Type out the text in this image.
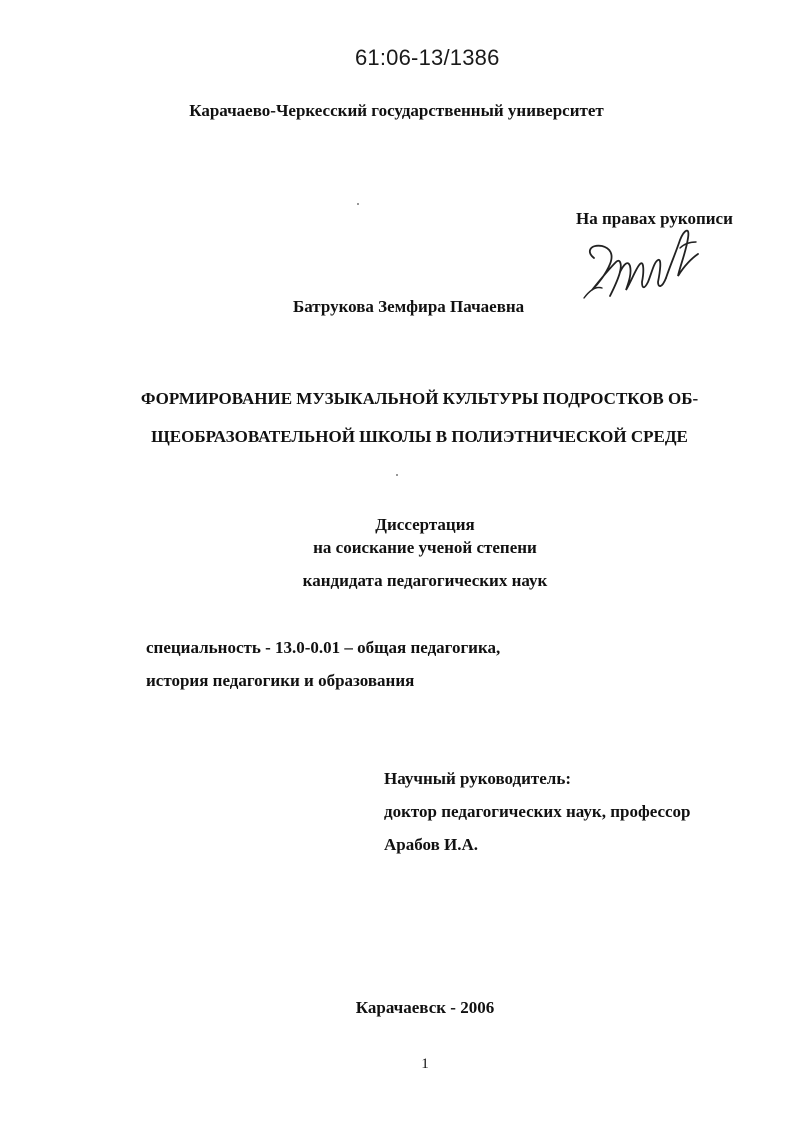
61:06-13/1386
Карачаево-Черкесский государственный университет
На правах рукописи
Батрукова Земфира Пачаевна
ФОРМИРОВАНИЕ МУЗЫКАЛЬНОЙ КУЛЬТУРЫ ПОДРОСТКОВ ОБ-
ЩЕОБРАЗОВАТЕЛЬНОЙ ШКОЛЫ В ПОЛИЭТНИЧЕСКОЙ СРЕДЕ
Диссертация
на соискание ученой степени
кандидата педагогических наук
специальность - 13.0-0.01 – общая педагогика,
история педагогики и образования
Научный руководитель:
доктор педагогических наук, профессор
Арабов И.А.
Карачаевск - 2006
1
